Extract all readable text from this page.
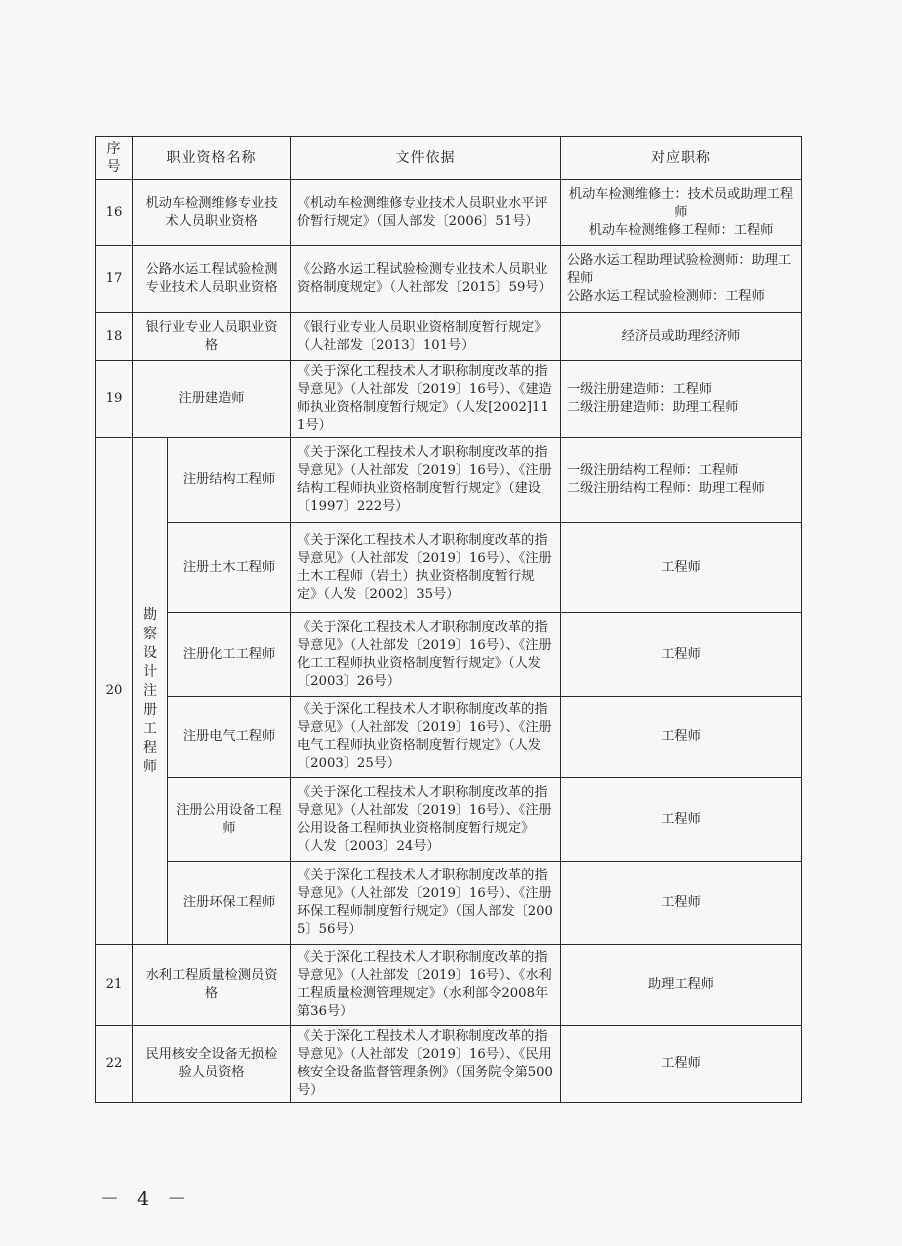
序号	职业资格名称		文件依据	对应职称
16	机动车检测维修专业技术人员职业资格		《机动车检测维修专业技术人员职业水平评价暂行规定》（国人部发〔2006〕51号）	机动车检测维修士：技术员或助理工程师
机动车检测维修工程师：工程师
17	公路水运工程试验检测专业技术人员职业资格		《公路水运工程试验检测专业技术人员职业资格制度规定》（人社部发〔2015〕59号）	公路水运工程助理试验检测师：助理工程师
公路水运工程试验检测师：工程师
18	银行业专业人员职业资格		《银行业专业人员职业资格制度暂行规定》（人社部发〔2013〕101号）	经济员或助理经济师
19	注册建造师		《关于深化工程技术人才职称制度改革的指导意见》（人社部发〔2019〕16号）、《建造师执业资格制度暂行规定》（人发[2002]111号）	一级注册建造师：工程师
二级注册建造师：助理工程师
20	勘察设计注册工程师	注册结构工程师	《关于深化工程技术人才职称制度改革的指导意见》（人社部发〔2019〕16号）、《注册结构工程师执业资格制度暂行规定》（建设〔1997〕222号）	一级注册结构工程师：工程师
二级注册结构工程师：助理工程师
		注册土木工程师	《关于深化工程技术人才职称制度改革的指导意见》（人社部发〔2019〕16号）、《注册土木工程师（岩土）执业资格制度暂行规定》（人发〔2002〕35号）	工程师
		注册化工工程师	《关于深化工程技术人才职称制度改革的指导意见》（人社部发〔2019〕16号）、《注册化工工程师执业资格制度暂行规定》（人发〔2003〕26号）	工程师
		注册电气工程师	《关于深化工程技术人才职称制度改革的指导意见》（人社部发〔2019〕16号）、《注册电气工程师执业资格制度暂行规定》（人发〔2003〕25号）	工程师
		注册公用设备工程师	《关于深化工程技术人才职称制度改革的指导意见》（人社部发〔2019〕16号）、《注册公用设备工程师执业资格制度暂行规定》（人发〔2003〕24号）	工程师
		注册环保工程师	《关于深化工程技术人才职称制度改革的指导意见》（人社部发〔2019〕16号）、《注册环保工程师制度暂行规定》（国人部发〔2005〕56号）	工程师
21	水利工程质量检测员资格		《关于深化工程技术人才职称制度改革的指导意见》（人社部发〔2019〕16号）、《水利工程质量检测管理规定》（水利部令2008年第36号）	助理工程师
22	民用核安全设备无损检验人员资格		《关于深化工程技术人才职称制度改革的指导意见》（人社部发〔2019〕16号）、《民用核安全设备监督管理条例》（国务院令第500号）	工程师
－ 4 －
